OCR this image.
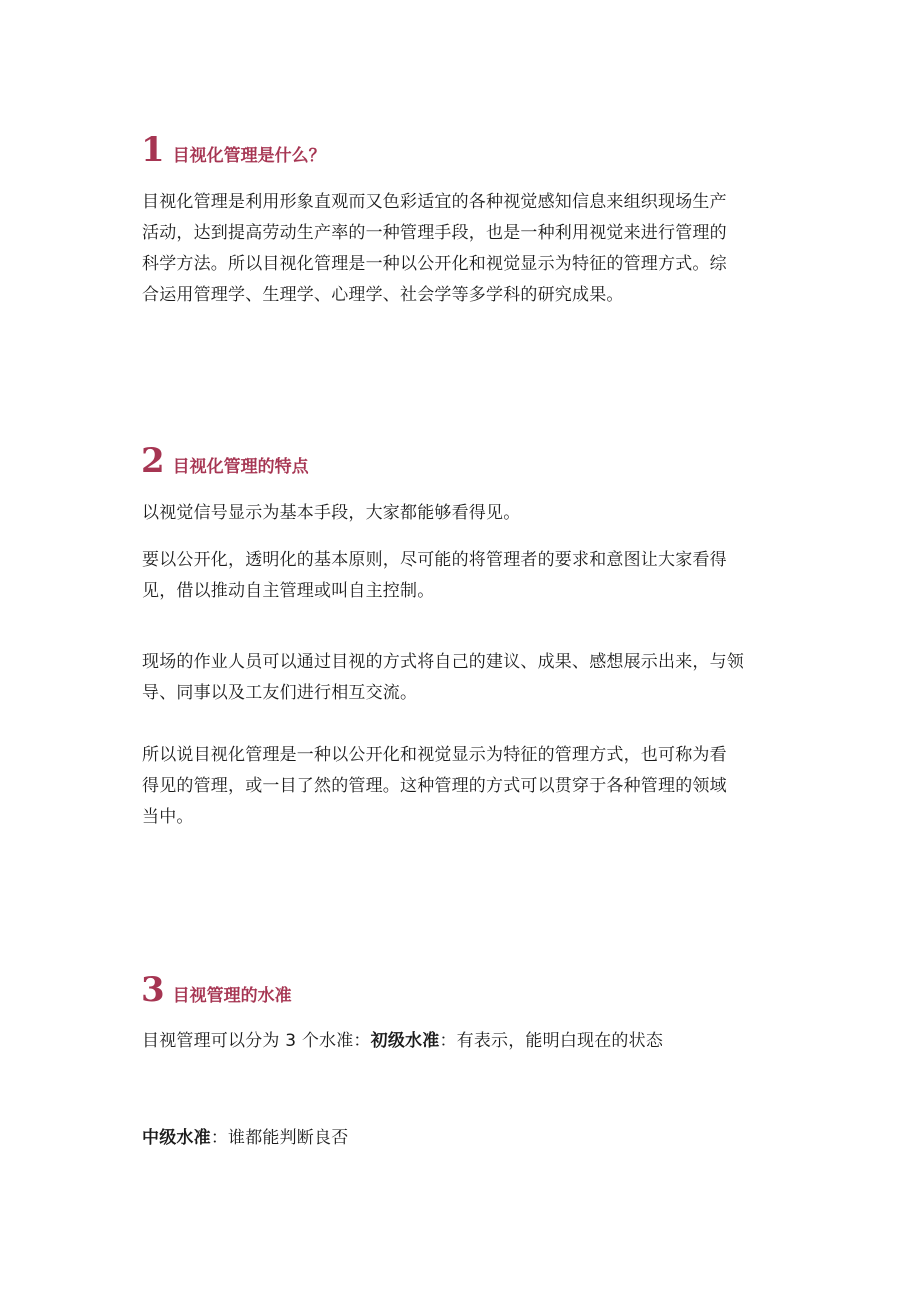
1 目视化管理是什么？

目视化管理是利用形象直观而又色彩适宜的各种视觉感知信息来组织现场生产
活动，达到提高劳动生产率的一种管理手段，也是一种利用视觉来进行管理的
科学方法。所以目视化管理是一种以公开化和视觉显示为特征的管理方式。综
合运用管理学、生理学、心理学、社会学等多学科的研究成果。

2 目视化管理的特点

以视觉信号显示为基本手段，大家都能够看得见。

要以公开化，透明化的基本原则，尽可能的将管理者的要求和意图让大家看得
见，借以推动自主管理或叫自主控制。

现场的作业人员可以通过目视的方式将自己的建议、成果、感想展示出来，与领
导、同事以及工友们进行相互交流。

所以说目视化管理是一种以公开化和视觉显示为特征的管理方式，也可称为看
得见的管理，或一目了然的管理。这种管理的方式可以贯穿于各种管理的领域
当中。

3 目视管理的水准

目视管理可以分为 3 个水准：初级水准：有表示，能明白现在的状态

中级水准：谁都能判断良否
